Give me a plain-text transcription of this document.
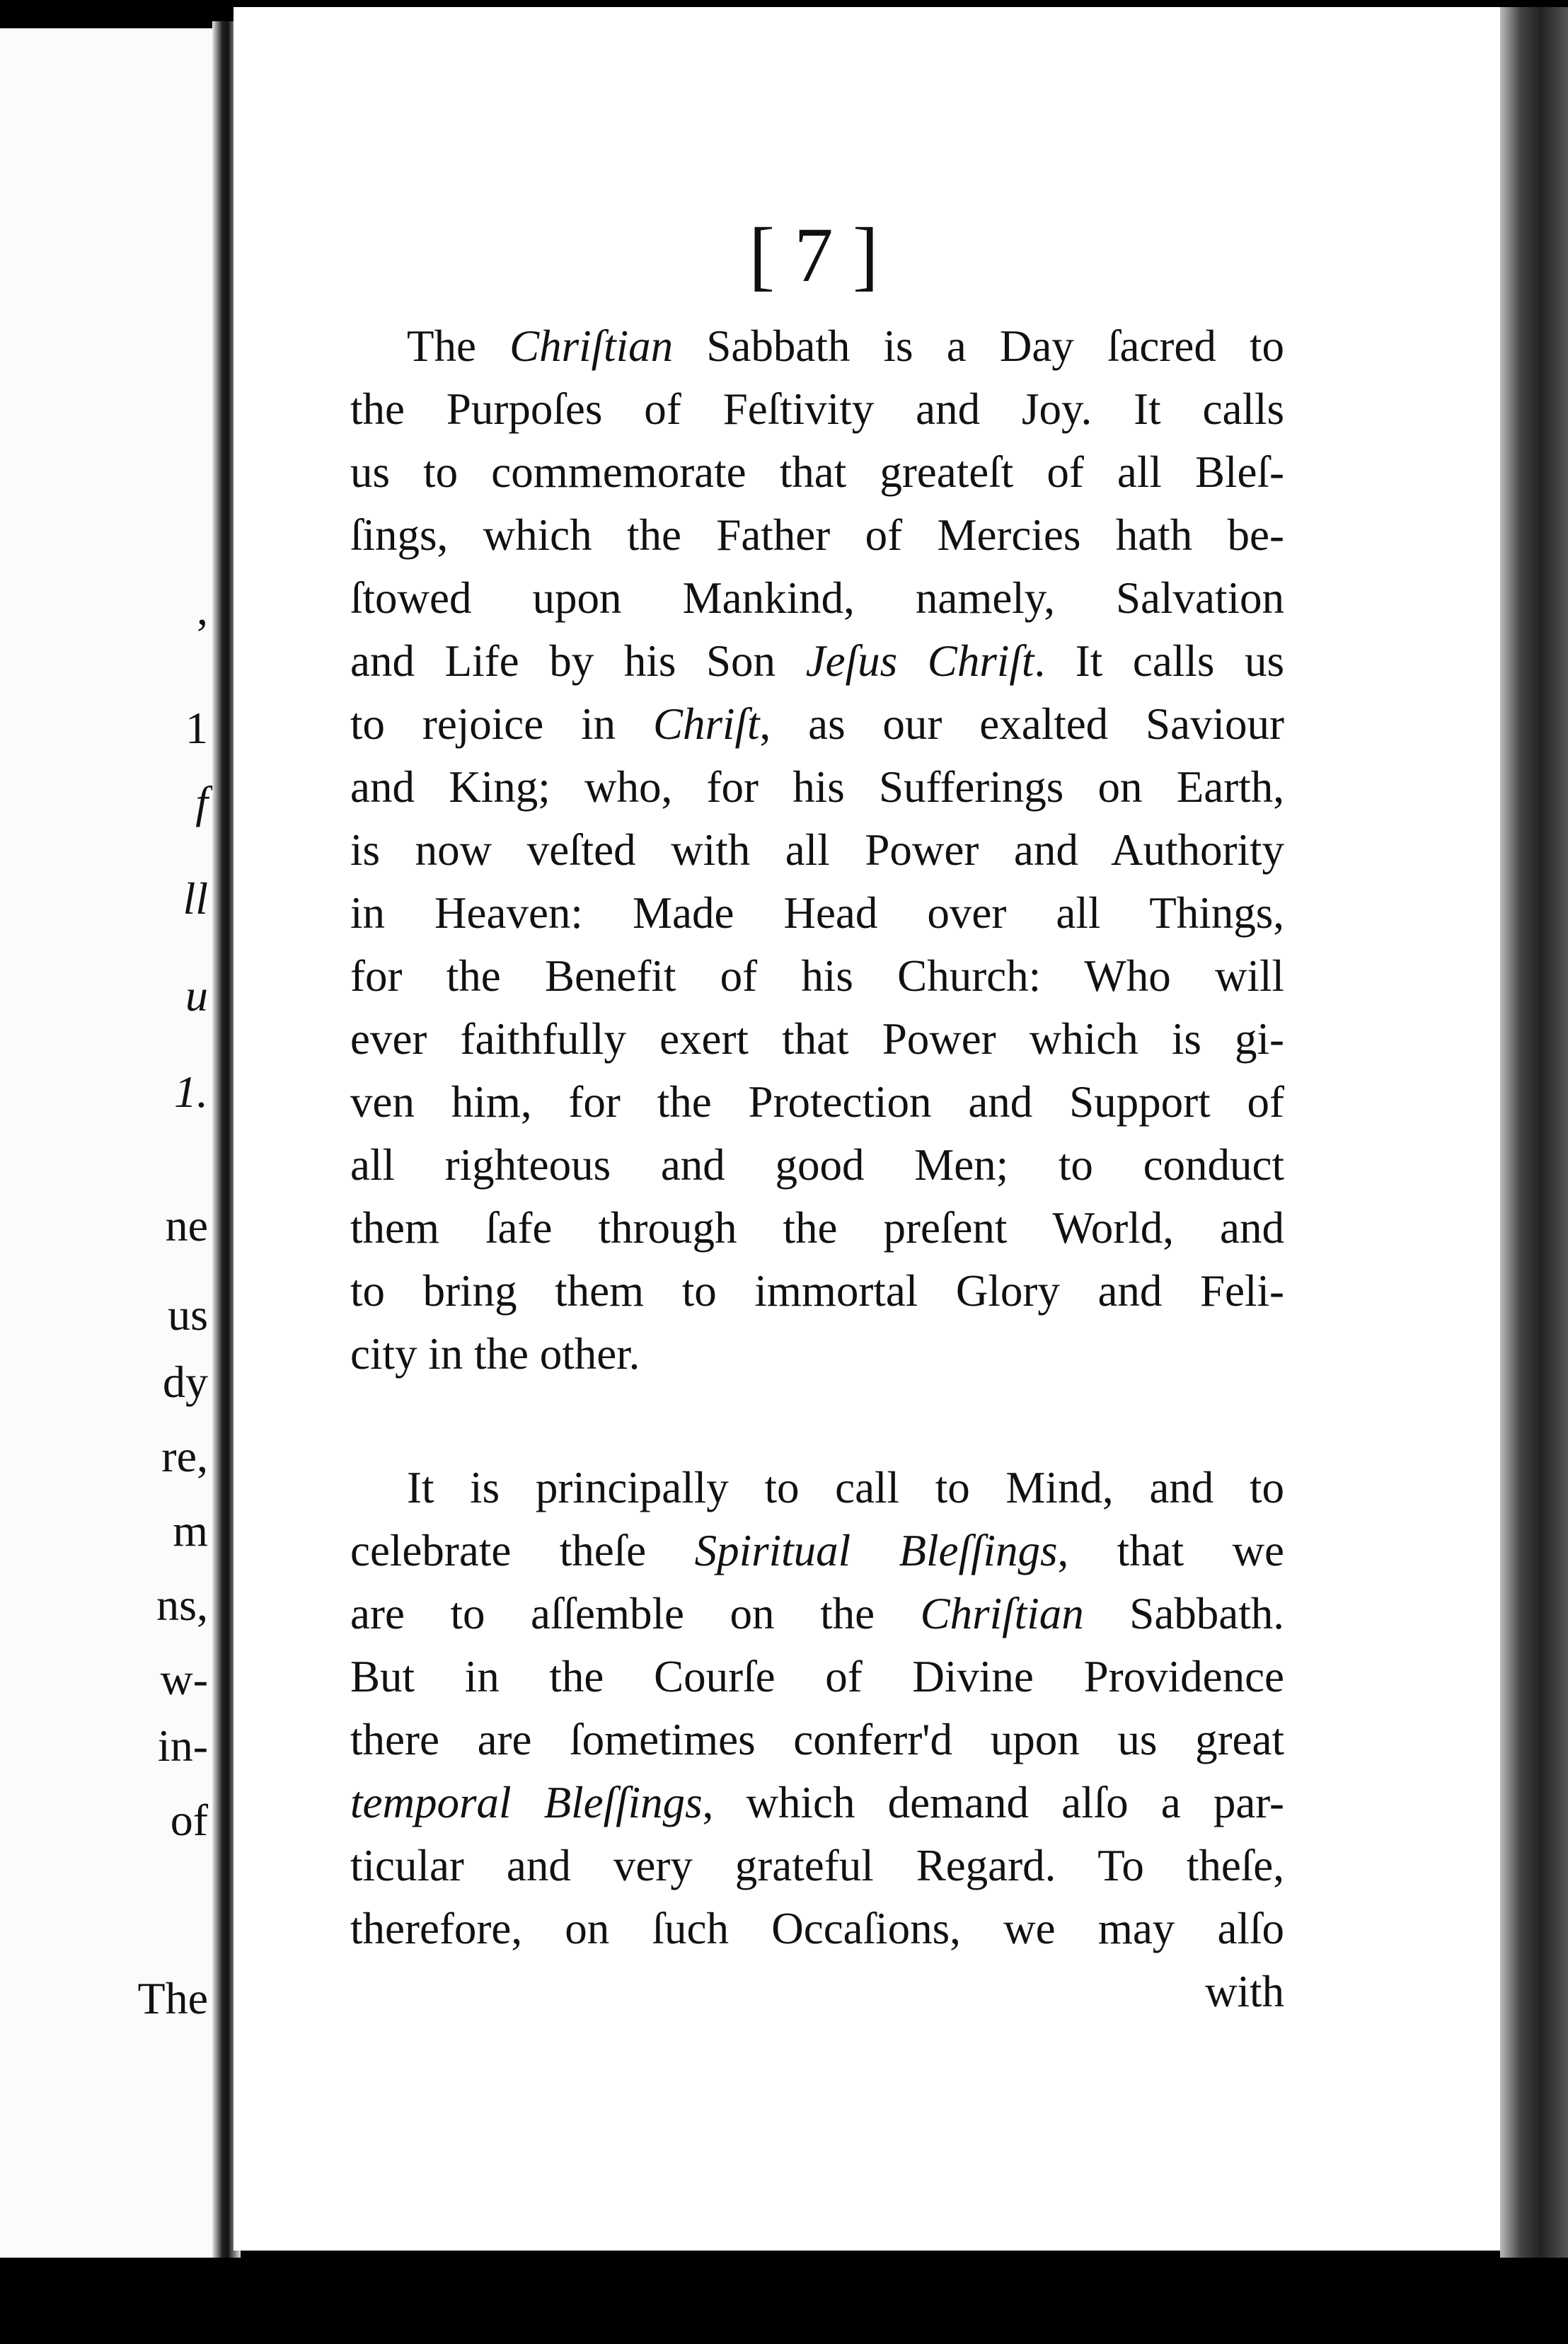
,
1
f
ll
u
1.
ne
us
dy
re,
m
ns,
w-
in-
of
The
[ 7 ]

The Chriſtian Sabbath is a Day ſacred to
the Purpoſes of Feſtivity and Joy. It calls
us to commemorate that greateſt of all Bleſ-
ſings, which the Father of Mercies hath be-
ſtowed upon Mankind, namely, Salvation
and Life by his Son Jeſus Chriſt. It calls us
to rejoice in Chriſt, as our exalted Saviour
and King; who, for his Sufferings on Earth,
is now veſted with all Power and Authority
in Heaven: Made Head over all Things,
for the Benefit of his Church: Who will
ever faithfully exert that Power which is gi-
ven him, for the Protection and Support of
all righteous and good Men; to conduct
them ſafe through the preſent World, and
to bring them to immortal Glory and Feli-
city in the other.

It is principally to call to Mind, and to
celebrate theſe Spiritual Bleſſings, that we
are to aſſemble on the Chriſtian Sabbath.
But in the Courſe of Divine Providence
there are ſometimes conferr'd upon us great
temporal Bleſſings, which demand alſo a par-
ticular and very grateful Regard. To theſe,
therefore, on ſuch Occaſions, we may alſo

with
